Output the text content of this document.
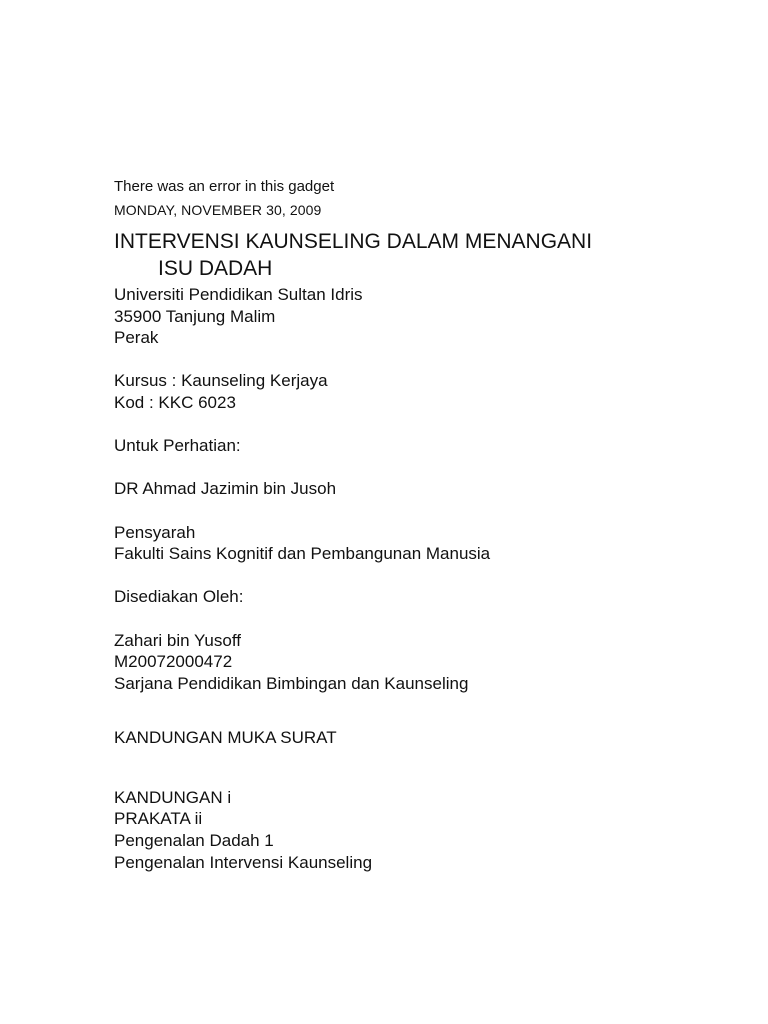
There was an error in this gadget

MONDAY, NOVEMBER 30, 2009

INTERVENSI KAUNSELING DALAM MENANGANI
ISU DADAH
Universiti Pendidikan Sultan Idris
35900 Tanjung Malim
Perak
Kursus : Kaunseling Kerjaya
Kod : KKC 6023
Untuk Perhatian:
DR Ahmad Jazimin bin Jusoh
Pensyarah
Fakulti Sains Kognitif dan Pembangunan Manusia
Disediakan Oleh:
Zahari bin Yusoff
M20072000472
Sarjana Pendidikan Bimbingan dan Kaunseling
KANDUNGAN MUKA SURAT
KANDUNGAN i
PRAKATA ii
Pengenalan Dadah 1
Pengenalan Intervensi Kaunseling
